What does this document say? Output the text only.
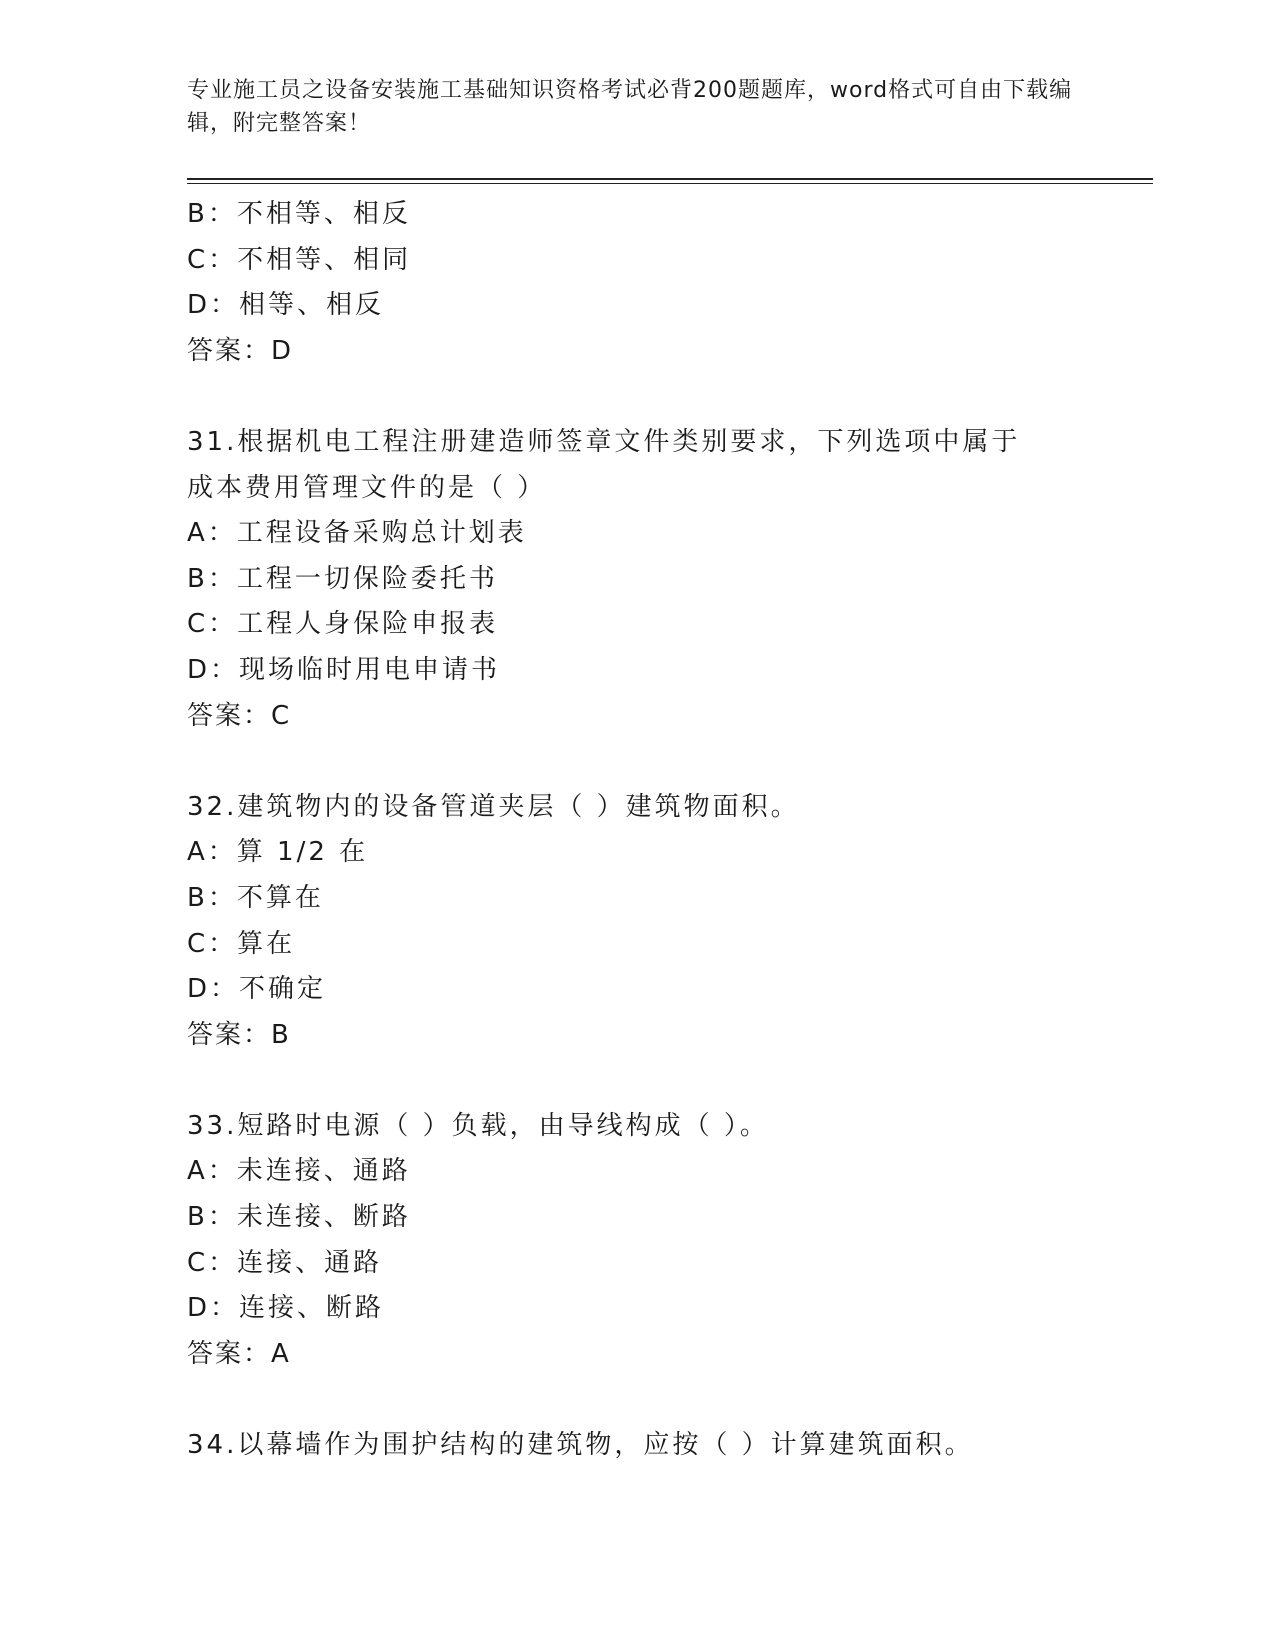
专业施工员之设备安装施工基础知识资格考试必背200题题库，word格式可自由下载编辑，附完整答案！
B：不相等、相反
C：不相等、相同
D：相等、相反
答案：D
31.根据机电工程注册建造师签章文件类别要求，下列选项中属于成本费用管理文件的是（ ）
A：工程设备采购总计划表
B：工程一切保险委托书
C：工程人身保险申报表
D：现场临时用电申请书
答案：C
32.建筑物内的设备管道夹层（ ）建筑物面积。
A：算 1/2 在
B：不算在
C：算在
D：不确定
答案：B
33.短路时电源（ ）负载，由导线构成（ ）。
A：未连接、通路
B：未连接、断路
C：连接、通路
D：连接、断路
答案：A
34.以幕墙作为围护结构的建筑物，应按（ ）计算建筑面积。
